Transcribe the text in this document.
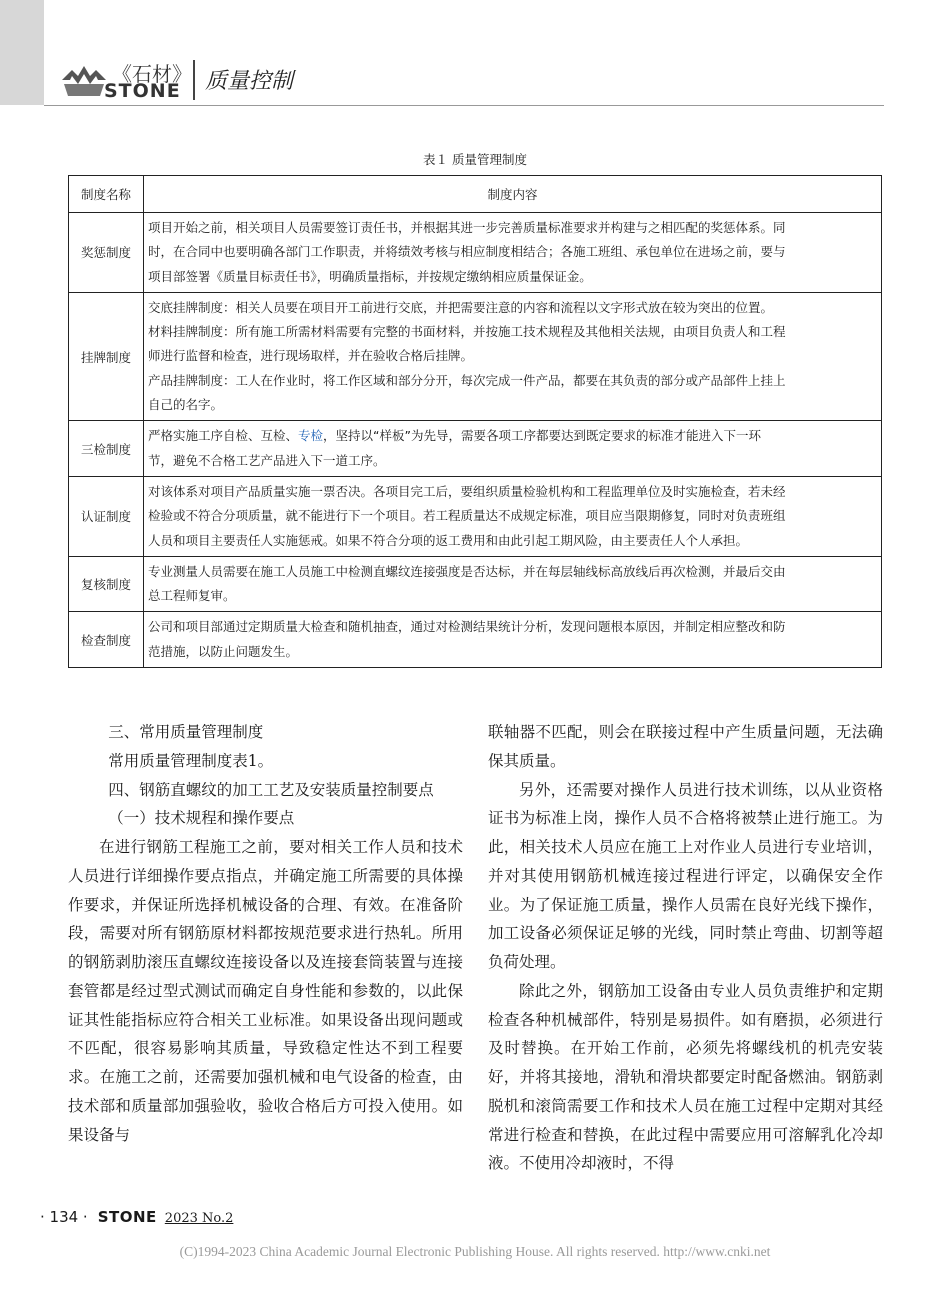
《石材》
STONE 质量控制
表１ 质量管理制度
制度名称	制度内容
奖惩制度	项目开始之前，相关项目人员需要签订责任书，并根据其进一步完善质量标准要求并构建与之相匹配的奖惩体系。同
时，在合同中也要明确各部门工作职责，并将绩效考核与相应制度相结合；各施工班组、承包单位在进场之前，要与
项目部签署《质量目标责任书》，明确质量指标，并按规定缴纳相应质量保证金。

挂牌制度	交底挂牌制度：相关人员要在项目开工前进行交底，并把需要注意的内容和流程以文字形式放在较为突出的位置。
材料挂牌制度：所有施工所需材料需要有完整的书面材料，并按施工技术规程及其他相关法规，由项目负责人和工程
师进行监督和检查，进行现场取样，并在验收合格后挂牌。
产品挂牌制度：工人在作业时，将工作区域和部分分开，每次完成一件产品，都要在其负责的部分或产品部件上挂上
自己的名字。

三检制度	严格实施工序自检、互检、专检，坚持以“样板”为先导，需要各项工序都要达到既定要求的标准才能进入下一环
节，避免不合格工艺产品进入下一道工序。

认证制度	对该体系对项目产品质量实施一票否决。各项目完工后，要组织质量检验机构和工程监理单位及时实施检查，若未经
检验或不符合分项质量，就不能进行下一个项目。若工程质量达不成规定标准，项目应当限期修复，同时对负责班组
人员和项目主要责任人实施惩戒。如果不符合分项的返工费用和由此引起工期风险，由主要责任人个人承担。

复核制度	专业测量人员需要在施工人员施工中检测直螺纹连接强度是否达标，并在每层轴线标高放线后再次检测，并最后交由
总工程师复审。

检查制度	公司和项目部通过定期质量大检查和随机抽查，通过对检测结果统计分析，发现问题根本原因，并制定相应整改和防
范措施，以防止问题发生。

三、常用质量管理制度

常用质量管理制度表1。

四、钢筋直螺纹的加工工艺及安装质量控制要点

（一）技术规程和操作要点

在进行钢筋工程施工之前，要对相关工作人员和技术人员进行详细操作要点指点，并确定施工所需要的具体操作要求，并保证所选择机械设备的合理、有效。在准备阶段，需要对所有钢筋原材料都按规范要求进行热轧。所用的钢筋剥肋滚压直螺纹连接设备以及连接套筒装置与连接套管都是经过型式测试而确定自身性能和参数的，以此保证其性能指标应符合相关工业标准。如果设备出现问题或不匹配，很容易影响其质量，导致稳定性达不到工程要求。在施工之前，还需要加强机械和电气设备的检查，由技术部和质量部加强验收，验收合格后方可投入使用。如果设备与

联轴器不匹配，则会在联接过程中产生质量问题，无法确保其质量。

另外，还需要对操作人员进行技术训练，以从业资格证书为标准上岗，操作人员不合格将被禁止进行施工。为此，相关技术人员应在施工上对作业人员进行专业培训，并对其使用钢筋机械连接过程进行评定，以确保安全作业。为了保证施工质量，操作人员需在良好光线下操作，加工设备必须保证足够的光线，同时禁止弯曲、切割等超负荷处理。

除此之外，钢筋加工设备由专业人员负责维护和定期检查各种机械部件，特别是易损件。如有磨损，必须进行及时替换。在开始工作前，必须先将螺线机的机壳安装好，并将其接地，滑轨和滑块都要定时配备燃油。钢筋剥脱机和滚筒需要工作和技术人员在施工过程中定期对其经常进行检查和替换，在此过程中需要应用可溶解乳化冷却液。不使用冷却液时，不得

· 134 · STONE 2023 No.2
(C)1994-2023 China Academic Journal Electronic Publishing House. All rights reserved. http://www.cnki.net
